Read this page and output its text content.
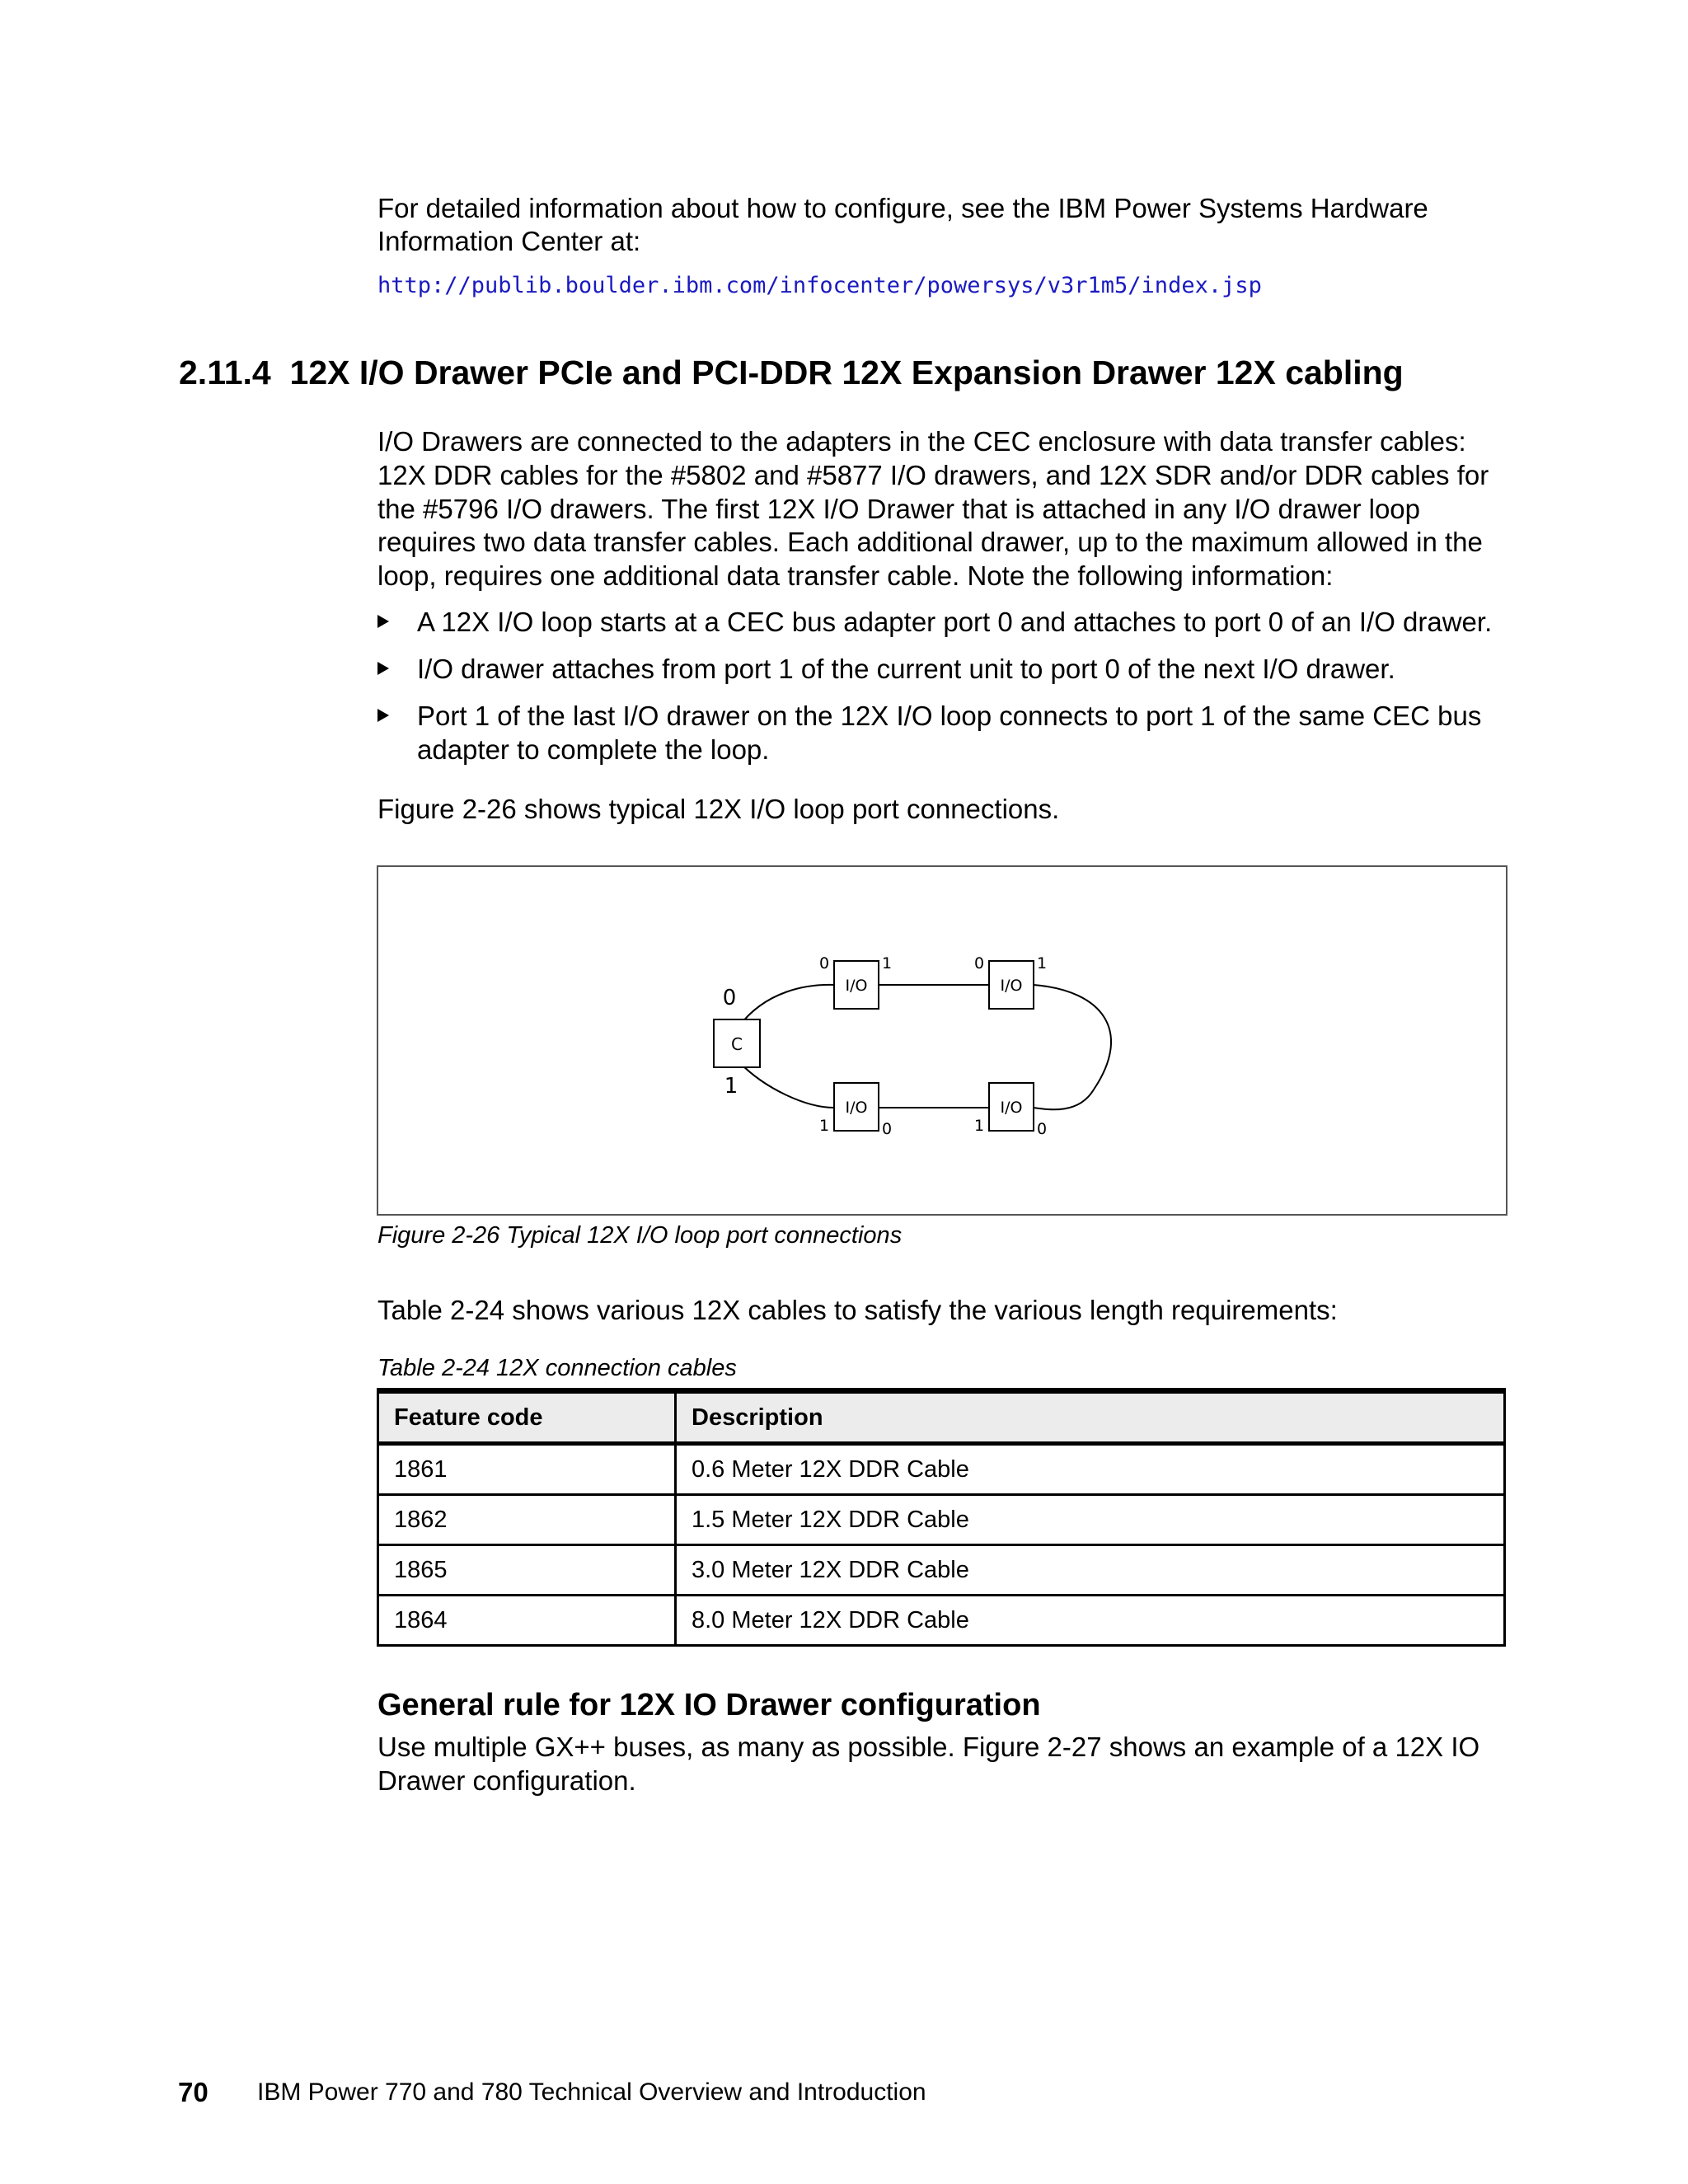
For detailed information about how to configure, see the IBM Power Systems Hardware
Information Center at:
http://publib.boulder.ibm.com/infocenter/powersys/v3r1m5/index.jsp
2.11.4 12X I/O Drawer PCIe and PCI-DDR 12X Expansion Drawer 12X cabling
I/O Drawers are connected to the adapters in the CEC enclosure with data transfer cables:
12X DDR cables for the #5802 and #5877 I/O drawers, and 12X SDR and/or DDR cables for
the #5796 I/O drawers. The first 12X I/O Drawer that is attached in any I/O drawer loop
requires two data transfer cables. Each additional drawer, up to the maximum allowed in the
loop, requires one additional data transfer cable. Note the following information:
A 12X I/O loop starts at a CEC bus adapter port 0 and attaches to port 0 of an I/O drawer.
I/O drawer attaches from port 1 of the current unit to port 0 of the next I/O drawer.
Port 1 of the last I/O drawer on the 12X I/O loop connects to port 1 of the same CEC bus
adapter to complete the loop.
Figure 2-26 shows typical 12X I/O loop port connections.
C
0
1
I/O
0	1
I/O
0	1
I/O
1	0
I/O
1	0
Figure 2-26 Typical 12X I/O loop port connections
Table 2-24 shows various 12X cables to satisfy the various length requirements:
Table 2-24 12X connection cables
Feature code	Description
1861	0.6 Meter 12X DDR Cable
1862	1.5 Meter 12X DDR Cable
1865	3.0 Meter 12X DDR Cable
1864	8.0 Meter 12X DDR Cable
General rule for 12X IO Drawer configuration
Use multiple GX++ buses, as many as possible. Figure 2-27 shows an example of a 12X IO
Drawer configuration.
70 IBM Power 770 and 780 Technical Overview and Introduction
